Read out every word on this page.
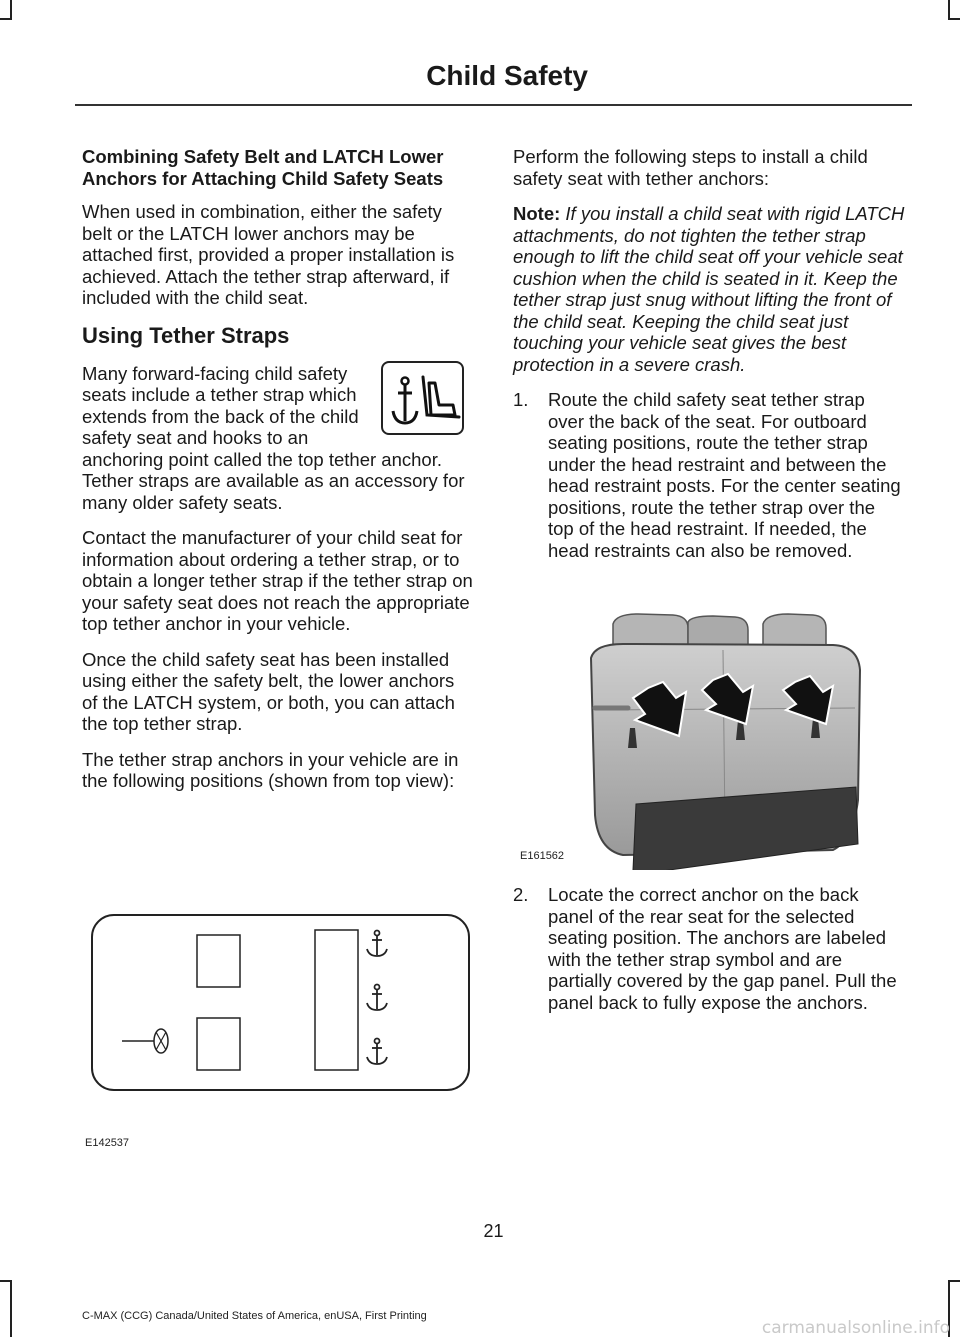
Child Safety
Combining Safety Belt and LATCH Lower Anchors for Attaching Child Safety Seats

When used in combination, either the safety belt or the LATCH lower anchors may be attached first, provided a proper installation is achieved. Attach the tether strap afterward, if included with the child seat.

Using Tether Straps

Many forward-facing child safety seats include a tether strap which extends from the back of the child safety seat and hooks to an anchoring point called the top tether anchor. Tether straps are available as an accessory for many older safety seats.

Contact the manufacturer of your child seat for information about ordering a tether strap, or to obtain a longer tether strap if the tether strap on your safety seat does not reach the appropriate top tether anchor in your vehicle.

Once the child safety seat has been installed using either the safety belt, the lower anchors of the LATCH system, or both, you can attach the top tether strap.

The tether strap anchors in your vehicle are in the following positions (shown from top view):

E142537

Perform the following steps to install a child safety seat with tether anchors:

Note: If you install a child seat with rigid LATCH attachments, do not tighten the tether strap enough to lift the child seat off your vehicle seat cushion when the child is seated in it. Keep the tether strap just snug without lifting the front of the child seat. Keeping the child seat just touching your vehicle seat gives the best protection in a severe crash.

1. Route the child safety seat tether strap over the back of the seat. For outboard seating positions, route the tether strap under the head restraint and between the head restraint posts. For the center seating positions, route the tether strap over the top of the head restraint. If needed, the head restraints can also be removed.
E161562
2. Locate the correct anchor on the back panel of the rear seat for the selected seating position. The anchors are labeled with the tether strap symbol and are partially covered by the gap panel. Pull the panel back to fully expose the anchors.
21
C-MAX (CCG) Canada/United States of America, enUSA, First Printing
carmanualsonline.info
